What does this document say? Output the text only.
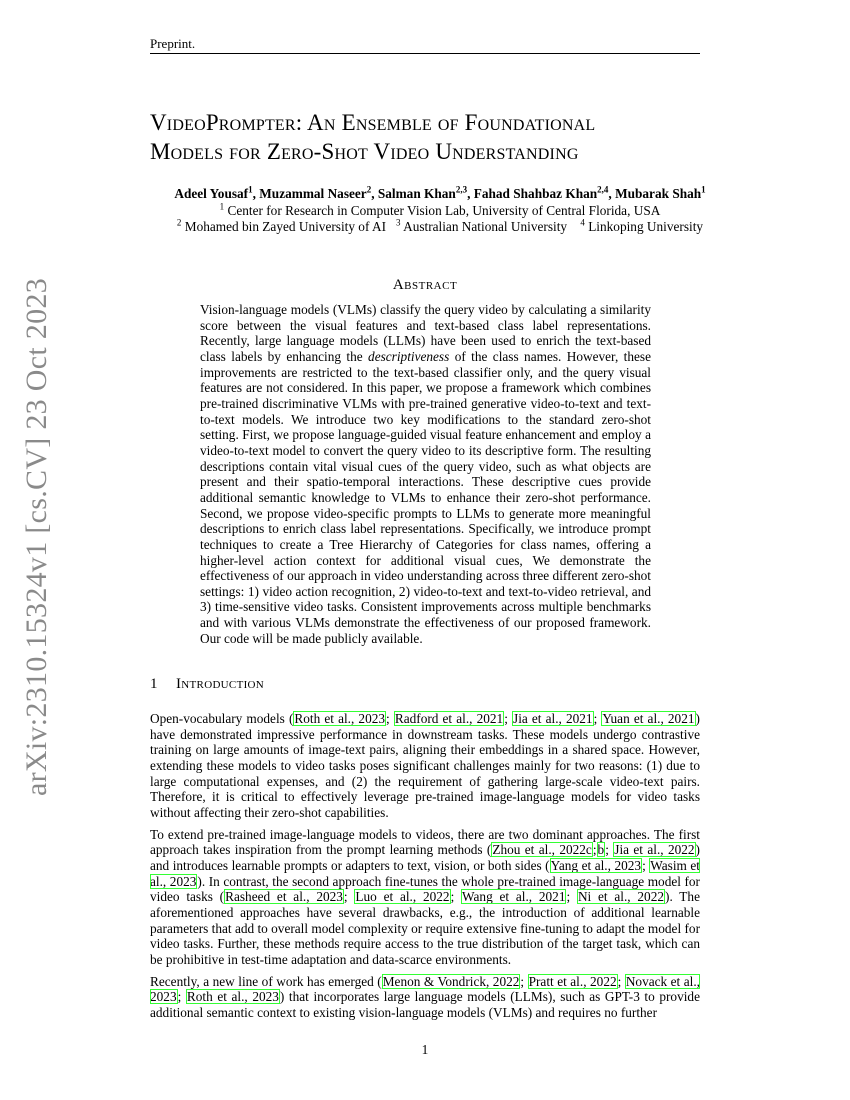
Preprint.
arXiv:2310.15324v1 [cs.CV] 23 Oct 2023
VideoPrompter: An Ensemble of Foundational
Models for Zero-Shot Video Understanding
Adeel Yousaf$^1$, Muzammal Naseer$^2$, Salman Khan$^{2,3}$, Fahad Shahbaz Khan$^{2,4}$, Mubarak Shah$^1$
$^1$ Center for Research in Computer Vision Lab, University of Central Florida, USA
$^2$ Mohamed bin Zayed University of AI $^3$ Australian National University $^4$ Linkoping University
Abstract
Vision-language models (VLMs) classify the query video by calculating a similarity score between the visual features and text-based class label representations. Recently, large language models (LLMs) have been used to enrich the text-based class labels by enhancing the descriptiveness of the class names. However, these improvements are restricted to the text-based classifier only, and the query visual features are not considered. In this paper, we propose a framework which combines pre-trained discriminative VLMs with pre-trained generative video-to-text and text-to-text models. We introduce two key modifications to the standard zero-shot setting. First, we propose language-guided visual feature enhancement and employ a video-to-text model to convert the query video to its descriptive form. The resulting descriptions contain vital visual cues of the query video, such as what objects are present and their spatio-temporal interactions. These descriptive cues provide additional semantic knowledge to VLMs to enhance their zero-shot performance. Second, we propose video-specific prompts to LLMs to generate more meaningful descriptions to enrich class label representations. Specifically, we introduce prompt techniques to create a Tree Hierarchy of Categories for class names, offering a higher-level action context for additional visual cues, We demonstrate the effectiveness of our approach in video understanding across three different zero-shot settings: 1) video action recognition, 2) video-to-text and text-to-video retrieval, and 3) time-sensitive video tasks. Consistent improvements across multiple benchmarks and with various VLMs demonstrate the effectiveness of our proposed framework. Our code will be made publicly available.
1 Introduction

Open-vocabulary models (Roth et al., 2023; Radford et al., 2021; Jia et al., 2021; Yuan et al., 2021) have demonstrated impressive performance in downstream tasks. These models undergo contrastive training on large amounts of image-text pairs, aligning their embeddings in a shared space. However, extending these models to video tasks poses significant challenges mainly for two reasons: (1) due to large computational expenses, and (2) the requirement of gathering large-scale video-text pairs. Therefore, it is critical to effectively leverage pre-trained image-language models for video tasks without affecting their zero-shot capabilities.

To extend pre-trained image-language models to videos, there are two dominant approaches. The first approach takes inspiration from the prompt learning methods (Zhou et al., 2022c;b; Jia et al., 2022) and introduces learnable prompts or adapters to text, vision, or both sides (Yang et al., 2023; Wasim et al., 2023). In contrast, the second approach fine-tunes the whole pre-trained image-language model for video tasks (Rasheed et al., 2023; Luo et al., 2022; Wang et al., 2021; Ni et al., 2022). The aforementioned approaches have several drawbacks, e.g., the introduction of additional learnable parameters that add to overall model complexity or require extensive fine-tuning to adapt the model for video tasks. Further, these methods require access to the true distribution of the target task, which can be prohibitive in test-time adaptation and data-scarce environments.

Recently, a new line of work has emerged (Menon & Vondrick, 2022; Pratt et al., 2022; Novack et al., 2023; Roth et al., 2023) that incorporates large language models (LLMs), such as GPT-3 to provide additional semantic context to existing vision-language models (VLMs) and requires no further

1
